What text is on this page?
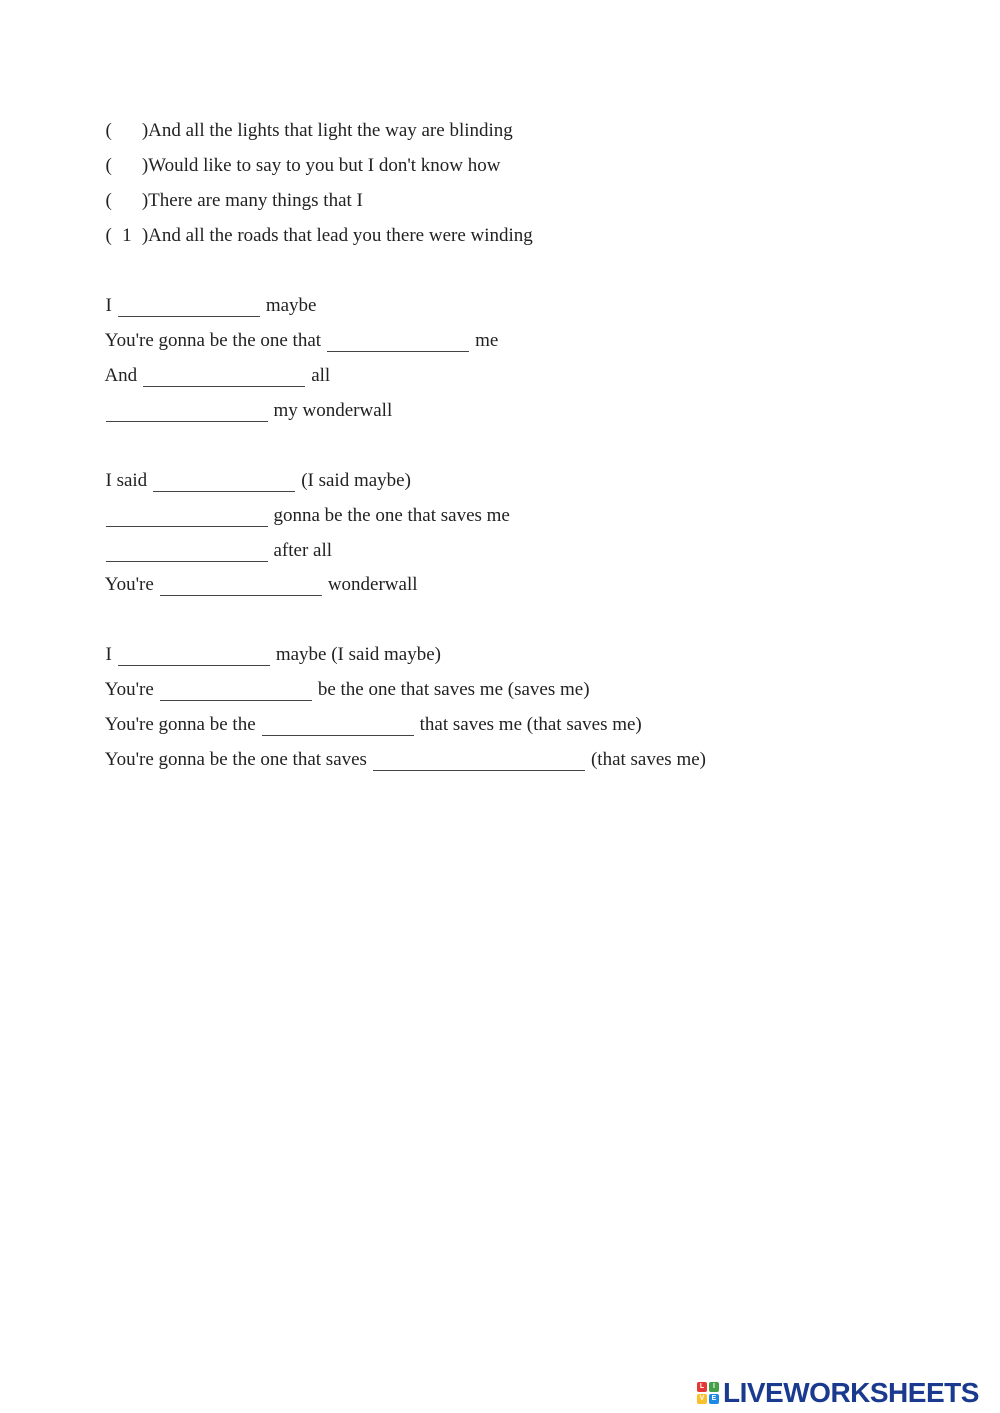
( )And all the lights that light the way are blinding

( )Would like to say to you but I don't know how

( )There are many things that I

(1 )And all the roads that lead you there were winding

I	maybe

You're gonna be the one that	me

And	all

my wonderwall

I said	(I said maybe)

gonna be the one that saves me

after all

You're	wonderwall

I	maybe (I said maybe)

You're	be the one that saves me (saves me)

You're gonna be the	that saves me (that saves me)

You're gonna be the one that saves	(that saves me)

L	I
V	E LIVEWORKSHEETS
